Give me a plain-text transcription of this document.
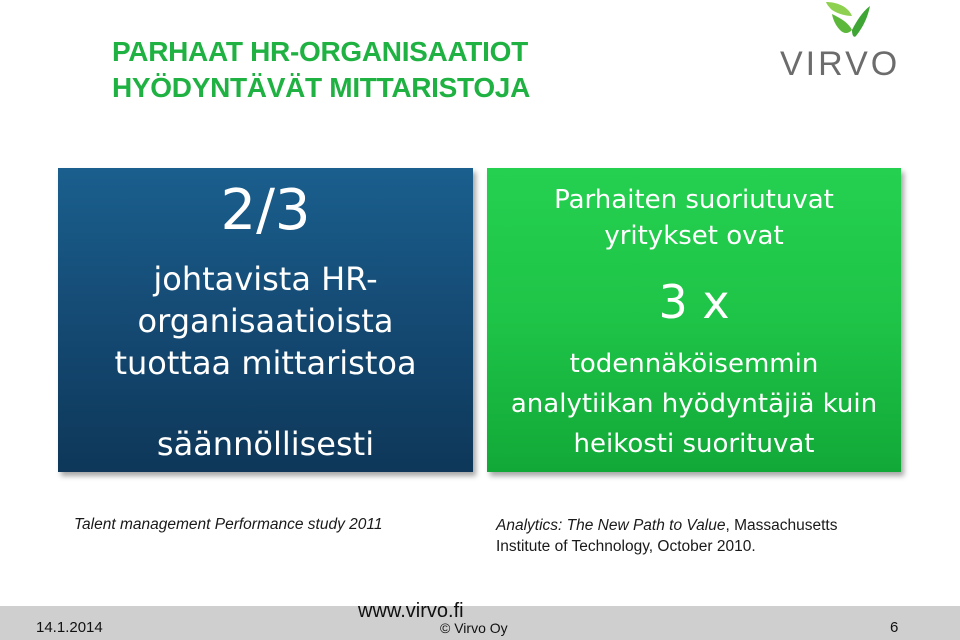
PARHAAT HR-ORGANISAATIOT
HYÖDYNTÄVÄT MITTARISTOJA
VIRVO
2/3
johtavista HR-
organisaatioista
tuottaa mittaristoa
säännöllisesti
Parhaiten suoriutuvat
yritykset ovat
3 x
todennäköisemmin
analytiikan hyödyntäjiä kuin
heikosti suorituvat
Talent management Performance study 2011	Analytics: The New Path to Value, Massachusetts
Institute of Technology, October 2010.
14.1.2014
www.virvo.fi
© Virvo Oy	6
